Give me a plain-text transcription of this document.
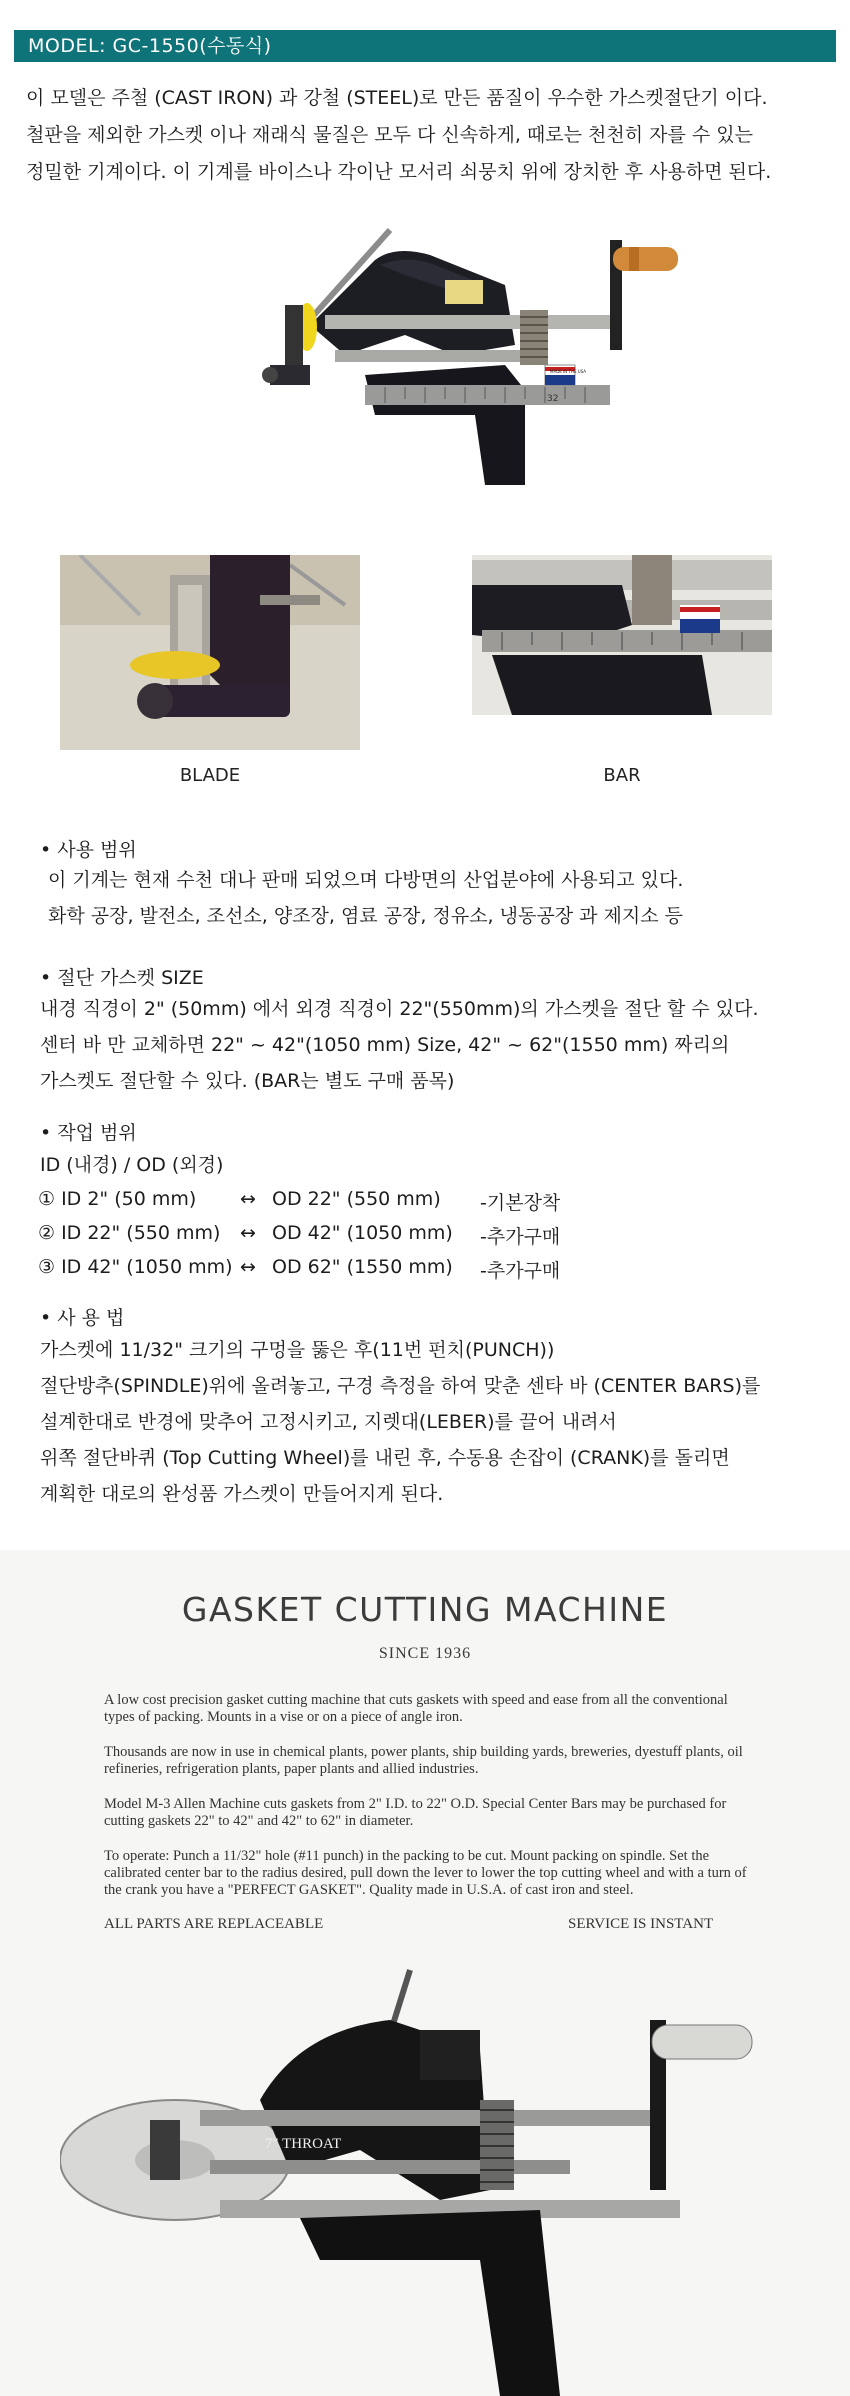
MODEL: GC-1550(수동식)
이 모델은 주철 (CAST IRON) 과 강철 (STEEL)로 만든 품질이 우수한 가스켓절단기 이다.
철판을 제외한 가스켓 이나 재래식 물질은 모두 다 신속하게, 때로는 천천히 자를 수 있는
정밀한 기계이다. 이 기계를 바이스나 각이난 모서리 쇠뭉치 위에 장치한 후 사용하면 된다.
32
MADE IN THE USA
BLADE	BAR
• 사용 범위
이 기계는 현재 수천 대나 판매 되었으며 다방면의 산업분야에 사용되고 있다.
화학 공장, 발전소, 조선소, 양조장, 염료 공장, 정유소, 냉동공장 과 제지소 등
• 절단 가스켓 SIZE
내경 직경이 2" (50mm) 에서 외경 직경이 22"(550mm)의 가스켓을 절단 할 수 있다.
센터 바 만 교체하면 22" ~ 42"(1050 mm) Size, 42" ~ 62"(1550 mm) 짜리의
가스켓도 절단할 수 있다. (BAR는 별도 구매 품목)
• 작업 범위
ID (내경) / OD (외경)
① ID 2" (50 mm) ↔ OD 22" (550 mm) -기본장착
② ID 22" (550 mm) ↔ OD 42" (1050 mm) -추가구매
③ ID 42" (1050 mm) ↔ OD 62" (1550 mm) -추가구매
• 사 용 법
가스켓에 11/32" 크기의 구멍을 뚫은 후(11번 펀치(PUNCH))
절단방추(SPINDLE)위에 올려놓고, 구경 측정을 하여 맞춘 센타 바 (CENTER BARS)를
설계한대로 반경에 맞추어 고정시키고, 지렛대(LEBER)를 끌어 내려서
위쪽 절단바퀴 (Top Cutting Wheel)를 내린 후, 수동용 손잡이 (CRANK)를 돌리면
계획한 대로의 완성품 가스켓이 만들어지게 된다.
GASKET CUTTING MACHINE
SINCE 1936
A low cost precision gasket cutting machine that cuts gaskets with speed and ease from all the conventional types of packing. Mounts in a vise or on a piece of angle iron.
Thousands are now in use in chemical plants, power plants, ship building yards, breweries, dyestuff plants, oil refineries, refrigeration plants, paper plants and allied industries.
Model M-3 Allen Machine cuts gaskets from 2" I.D. to 22" O.D. Special Center Bars may be purchased for cutting gaskets 22" to 42" and 42" to 62" in diameter.
To operate: Punch a 11/32" hole (#11 punch) in the packing to be cut. Mount packing on spindle. Set the calibrated center bar to the radius desired, pull down the lever to lower the top cutting wheel and with a turn of the crank you have a "PERFECT GASKET". Quality made in U.S.A. of cast iron and steel.
ALL PARTS ARE REPLACEABLE	SERVICE IS INSTANT
7" THROAT
